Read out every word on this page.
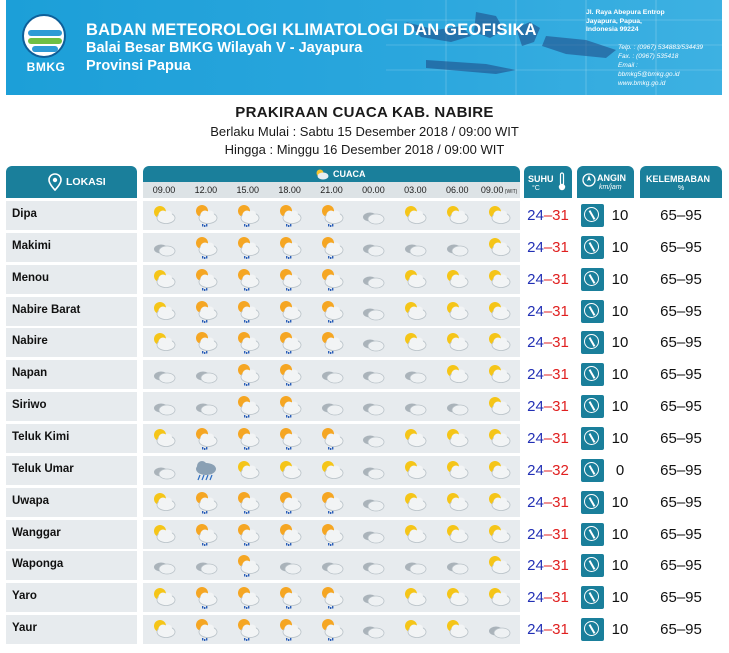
BMKG
BADAN METEOROLOGI KLIMATOLOGI DAN GEOFISIKA
Balai Besar BMKG Wilayah V - Jayapura
Provinsi Papua
Jl. Raya Abepura Entrop
Jayapura, Papua,
Indonesia 99224
Telp. : (0967) 534883/534439
Fax. : (0967) 535418
Email :
bbmkg5@bmkg.go.id
www.bmkg.go.id
PRAKIRAAN CUACA KAB. NABIRE
Berlaku Mulai : Sabtu 15 Desember 2018 / 09:00 WIT
Hingga : Minggu 16 Desember 2018 / 09:00 WIT
LOKASI
CUACA
09.00	12.00	15.00	18.00	21.00	00.00	03.00	06.00	09.00 (WIT)
SUHU
°C
ANGIN
km/jam
KELEMBABAN
%
Dipa	24–31	10	65–95
Makimi	24–31	10	65–95
Menou	24–31	10	65–95
Nabire Barat	24–31	10	65–95
Nabire	24–31	10	65–95
Napan	24–31	10	65–95
Siriwo	24–31	10	65–95
Teluk Kimi	24–31	10	65–95
Teluk Umar	24–32	0	65–95
Uwapa	24–31	10	65–95
Wanggar	24–31	10	65–95
Waponga	24–31	10	65–95
Yaro	24–31	10	65–95
Yaur	24–31	10	65–95
